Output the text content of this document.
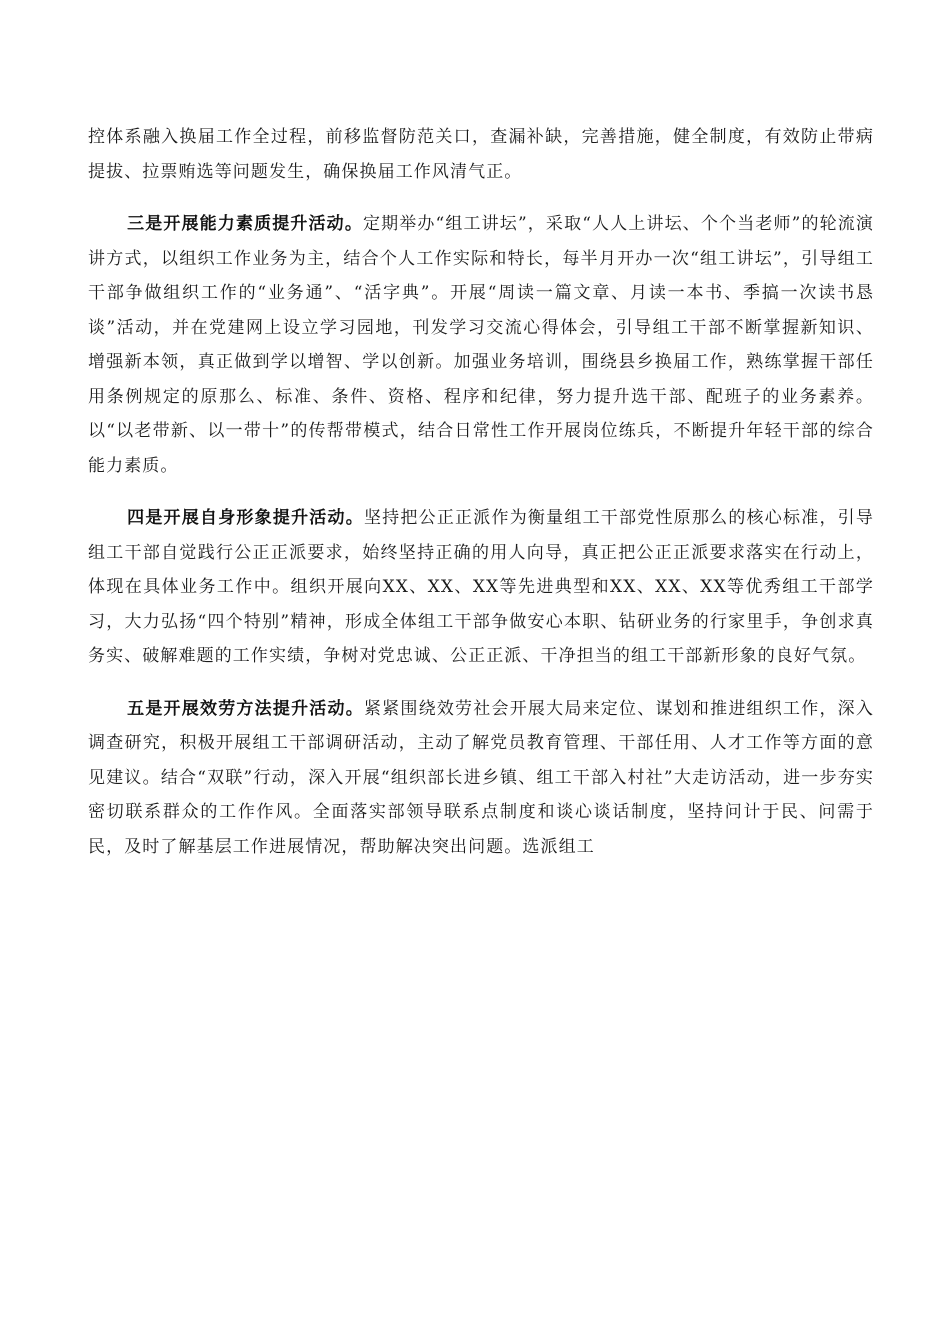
控体系融入换届工作全过程，前移监督防范关口，查漏补缺，完善措施，健全制度，有效防止带病提拔、拉票贿选等问题发生，确保换届工作风清气正。

三是开展能力素质提升活动。定期举办“组工讲坛”，采取“人人上讲坛、个个当老师”的轮流演讲方式，以组织工作业务为主，结合个人工作实际和特长，每半月开办一次“组工讲坛”，引导组工干部争做组织工作的“业务通”、“活字典”。开展“周读一篇文章、月读一本书、季搞一次读书恳谈”活动，并在党建网上设立学习园地，刊发学习交流心得体会，引导组工干部不断掌握新知识、增强新本领，真正做到学以增智、学以创新。加强业务培训，围绕县乡换届工作，熟练掌握干部任用条例规定的原那么、标准、条件、资格、程序和纪律，努力提升选干部、配班子的业务素养。以“以老带新、以一带十”的传帮带模式，结合日常性工作开展岗位练兵，不断提升年轻干部的综合能力素质。

四是开展自身形象提升活动。坚持把公正正派作为衡量组工干部党性原那么的核心标准，引导组工干部自觉践行公正正派要求，始终坚持正确的用人向导，真正把公正正派要求落实在行动上，体现在具体业务工作中。组织开展向XX、XX、XX等先进典型和XX、XX、XX等优秀组工干部学习，大力弘扬“四个特别”精神，形成全体组工干部争做安心本职、钻研业务的行家里手，争创求真务实、破解难题的工作实绩，争树对党忠诚、公正正派、干净担当的组工干部新形象的良好气氛。

五是开展效劳方法提升活动。紧紧围绕效劳社会开展大局来定位、谋划和推进组织工作，深入调查研究，积极开展组工干部调研活动，主动了解党员教育管理、干部任用、人才工作等方面的意见建议。结合“双联”行动，深入开展“组织部长进乡镇、组工干部入村社”大走访活动，进一步夯实密切联系群众的工作作风。全面落实部领导联系点制度和谈心谈话制度，坚持问计于民、问需于民，及时了解基层工作进展情况，帮助解决突出问题。选派组工
